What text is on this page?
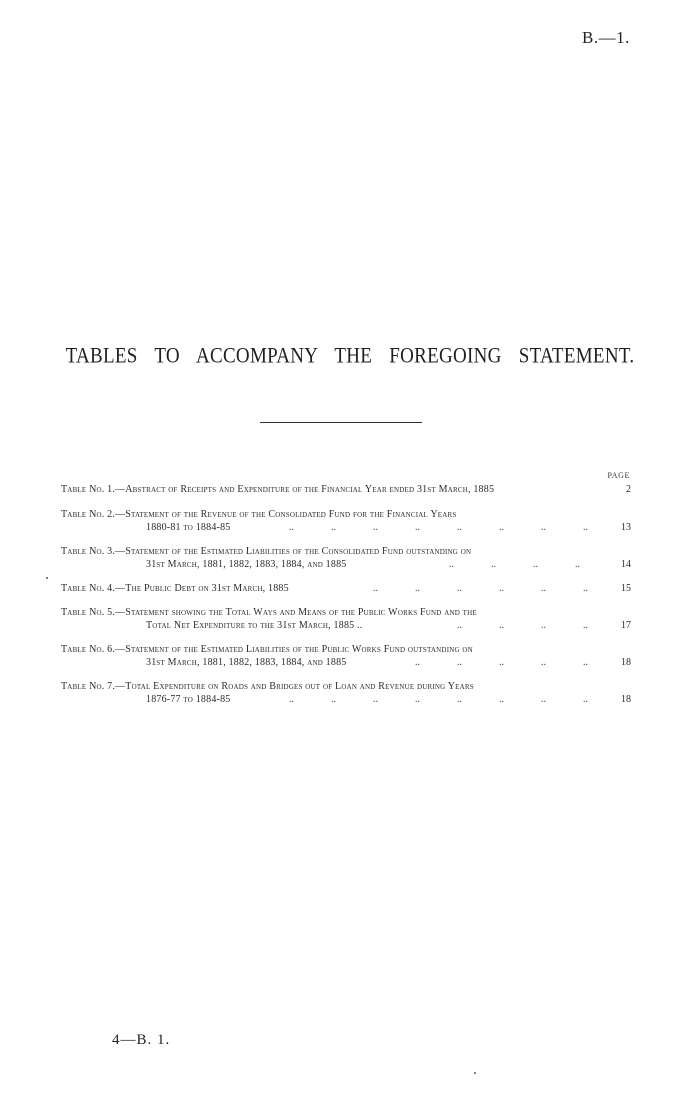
B.—1.
TABLES TO ACCOMPANY THE FOREGOING STATEMENT.
PAGE
Table No. 1.—Abstract of Receipts and Expenditure of the Financial Year ended 31st March, 1885	2
Table No. 2.—Statement of the Revenue of the Consolidated Fund for the Financial Years
1880-81 to 1884-85	..	..	..	..	..	..	..	..	13
Table No. 3.—Statement of the Estimated Liabilities of the Consolidated Fund outstanding on
31st March, 1881, 1882, 1883, 1884, and 1885	..	..	..	..	14
Table No. 4.—The Public Debt on 31st March, 1885	..	..	..	..	..	..	15
Table No. 5.—Statement showing the Total Ways and Means of the Public Works Fund and the
Total Net Expenditure to the 31st March, 1885 ..	..	..	..	..	17
Table No. 6.—Statement of the Estimated Liabilities of the Public Works Fund outstanding on
31st March, 1881, 1882, 1883, 1884, and 1885	..	..	..	..	..	18
Table No. 7.—Total Expenditure on Roads and Bridges out of Loan and Revenue during Years
1876-77 to 1884-85	..	..	..	..	..	..	..	..	18
4—B. 1.
